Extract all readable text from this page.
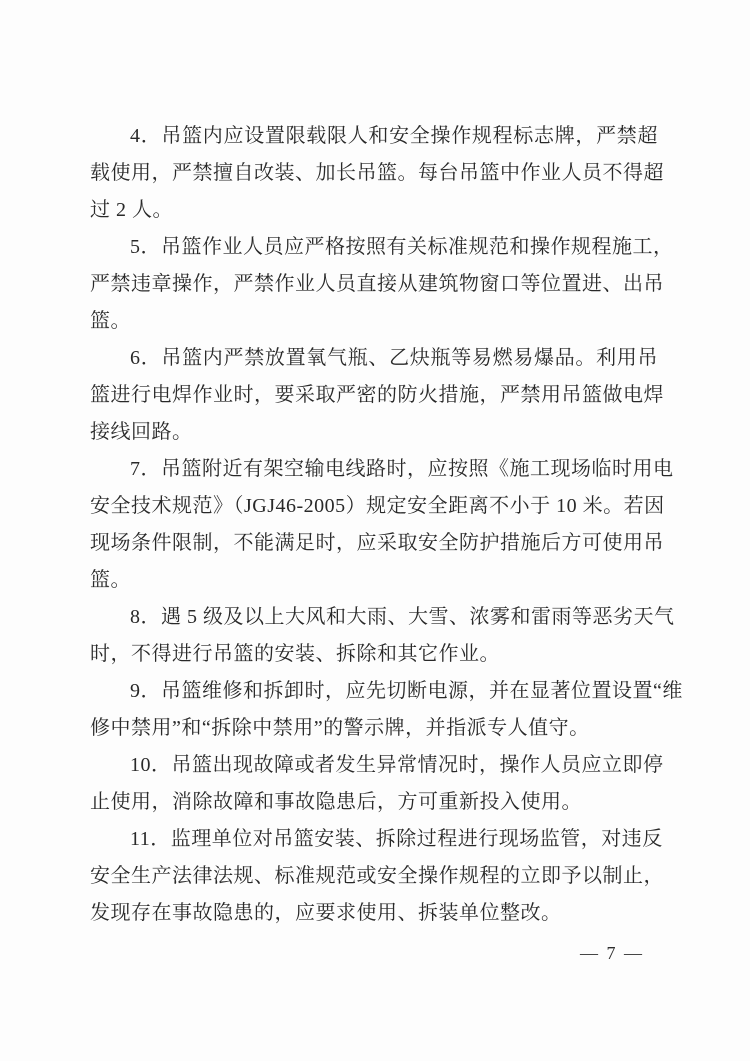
4．吊篮内应设置限载限人和安全操作规程标志牌，严禁超
载使用，严禁擅自改装、加长吊篮。每台吊篮中作业人员不得超
过 2 人。
5．吊篮作业人员应严格按照有关标准规范和操作规程施工，
严禁违章操作，严禁作业人员直接从建筑物窗口等位置进、出吊
篮。
6．吊篮内严禁放置氧气瓶、乙炔瓶等易燃易爆品。利用吊
篮进行电焊作业时，要采取严密的防火措施，严禁用吊篮做电焊
接线回路。
7．吊篮附近有架空输电线路时，应按照《施工现场临时用电
安全技术规范》（JGJ46-2005）规定安全距离不小于 10 米。若因
现场条件限制，不能满足时，应采取安全防护措施后方可使用吊
篮。
8．遇 5 级及以上大风和大雨、大雪、浓雾和雷雨等恶劣天气
时，不得进行吊篮的安装、拆除和其它作业。
9．吊篮维修和拆卸时，应先切断电源，并在显著位置设置“维
修中禁用”和“拆除中禁用”的警示牌，并指派专人值守。
10．吊篮出现故障或者发生异常情况时，操作人员应立即停
止使用，消除故障和事故隐患后，方可重新投入使用。
11．监理单位对吊篮安装、拆除过程进行现场监管，对违反
安全生产法律法规、标准规范或安全操作规程的立即予以制止，
发现存在事故隐患的，应要求使用、拆装单位整改。
— 7 —
